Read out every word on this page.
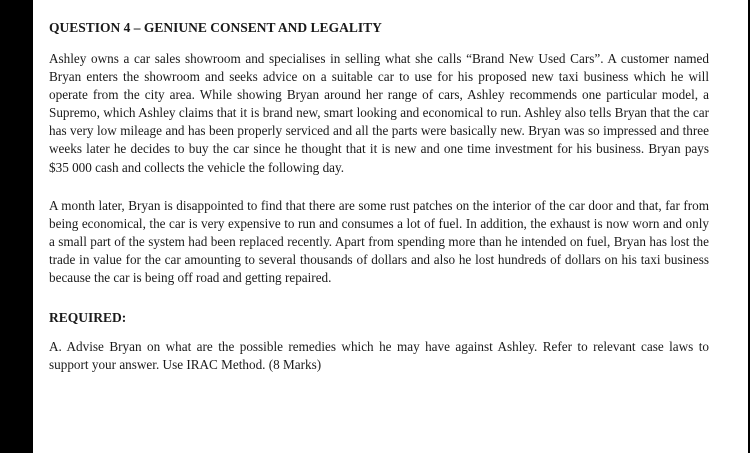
QUESTION 4 – GENIUNE CONSENT AND LEGALITY

Ashley owns a car sales showroom and specialises in selling what she calls “Brand New Used Cars”. A customer named Bryan enters the showroom and seeks advice on a suitable car to use for his proposed new taxi business which he will operate from the city area. While showing Bryan around her range of cars, Ashley recommends one particular model, a Supremo, which Ashley claims that it is brand new, smart looking and economical to run. Ashley also tells Bryan that the car has very low mileage and has been properly serviced and all the parts were basically new. Bryan was so impressed and three weeks later he decides to buy the car since he thought that it is new and one time investment for his business. Bryan pays $35 000 cash and collects the vehicle the following day.

A month later, Bryan is disappointed to find that there are some rust patches on the interior of the car door and that, far from being economical, the car is very expensive to run and consumes a lot of fuel. In addition, the exhaust is now worn and only a small part of the system had been replaced recently. Apart from spending more than he intended on fuel, Bryan has lost the trade in value for the car amounting to several thousands of dollars and also he lost hundreds of dollars on his taxi business because the car is being off road and getting repaired.

REQUIRED:

A. Advise Bryan on what are the possible remedies which he may have against Ashley. Refer to relevant case laws to support your answer. Use IRAC Method. (8 Marks)
